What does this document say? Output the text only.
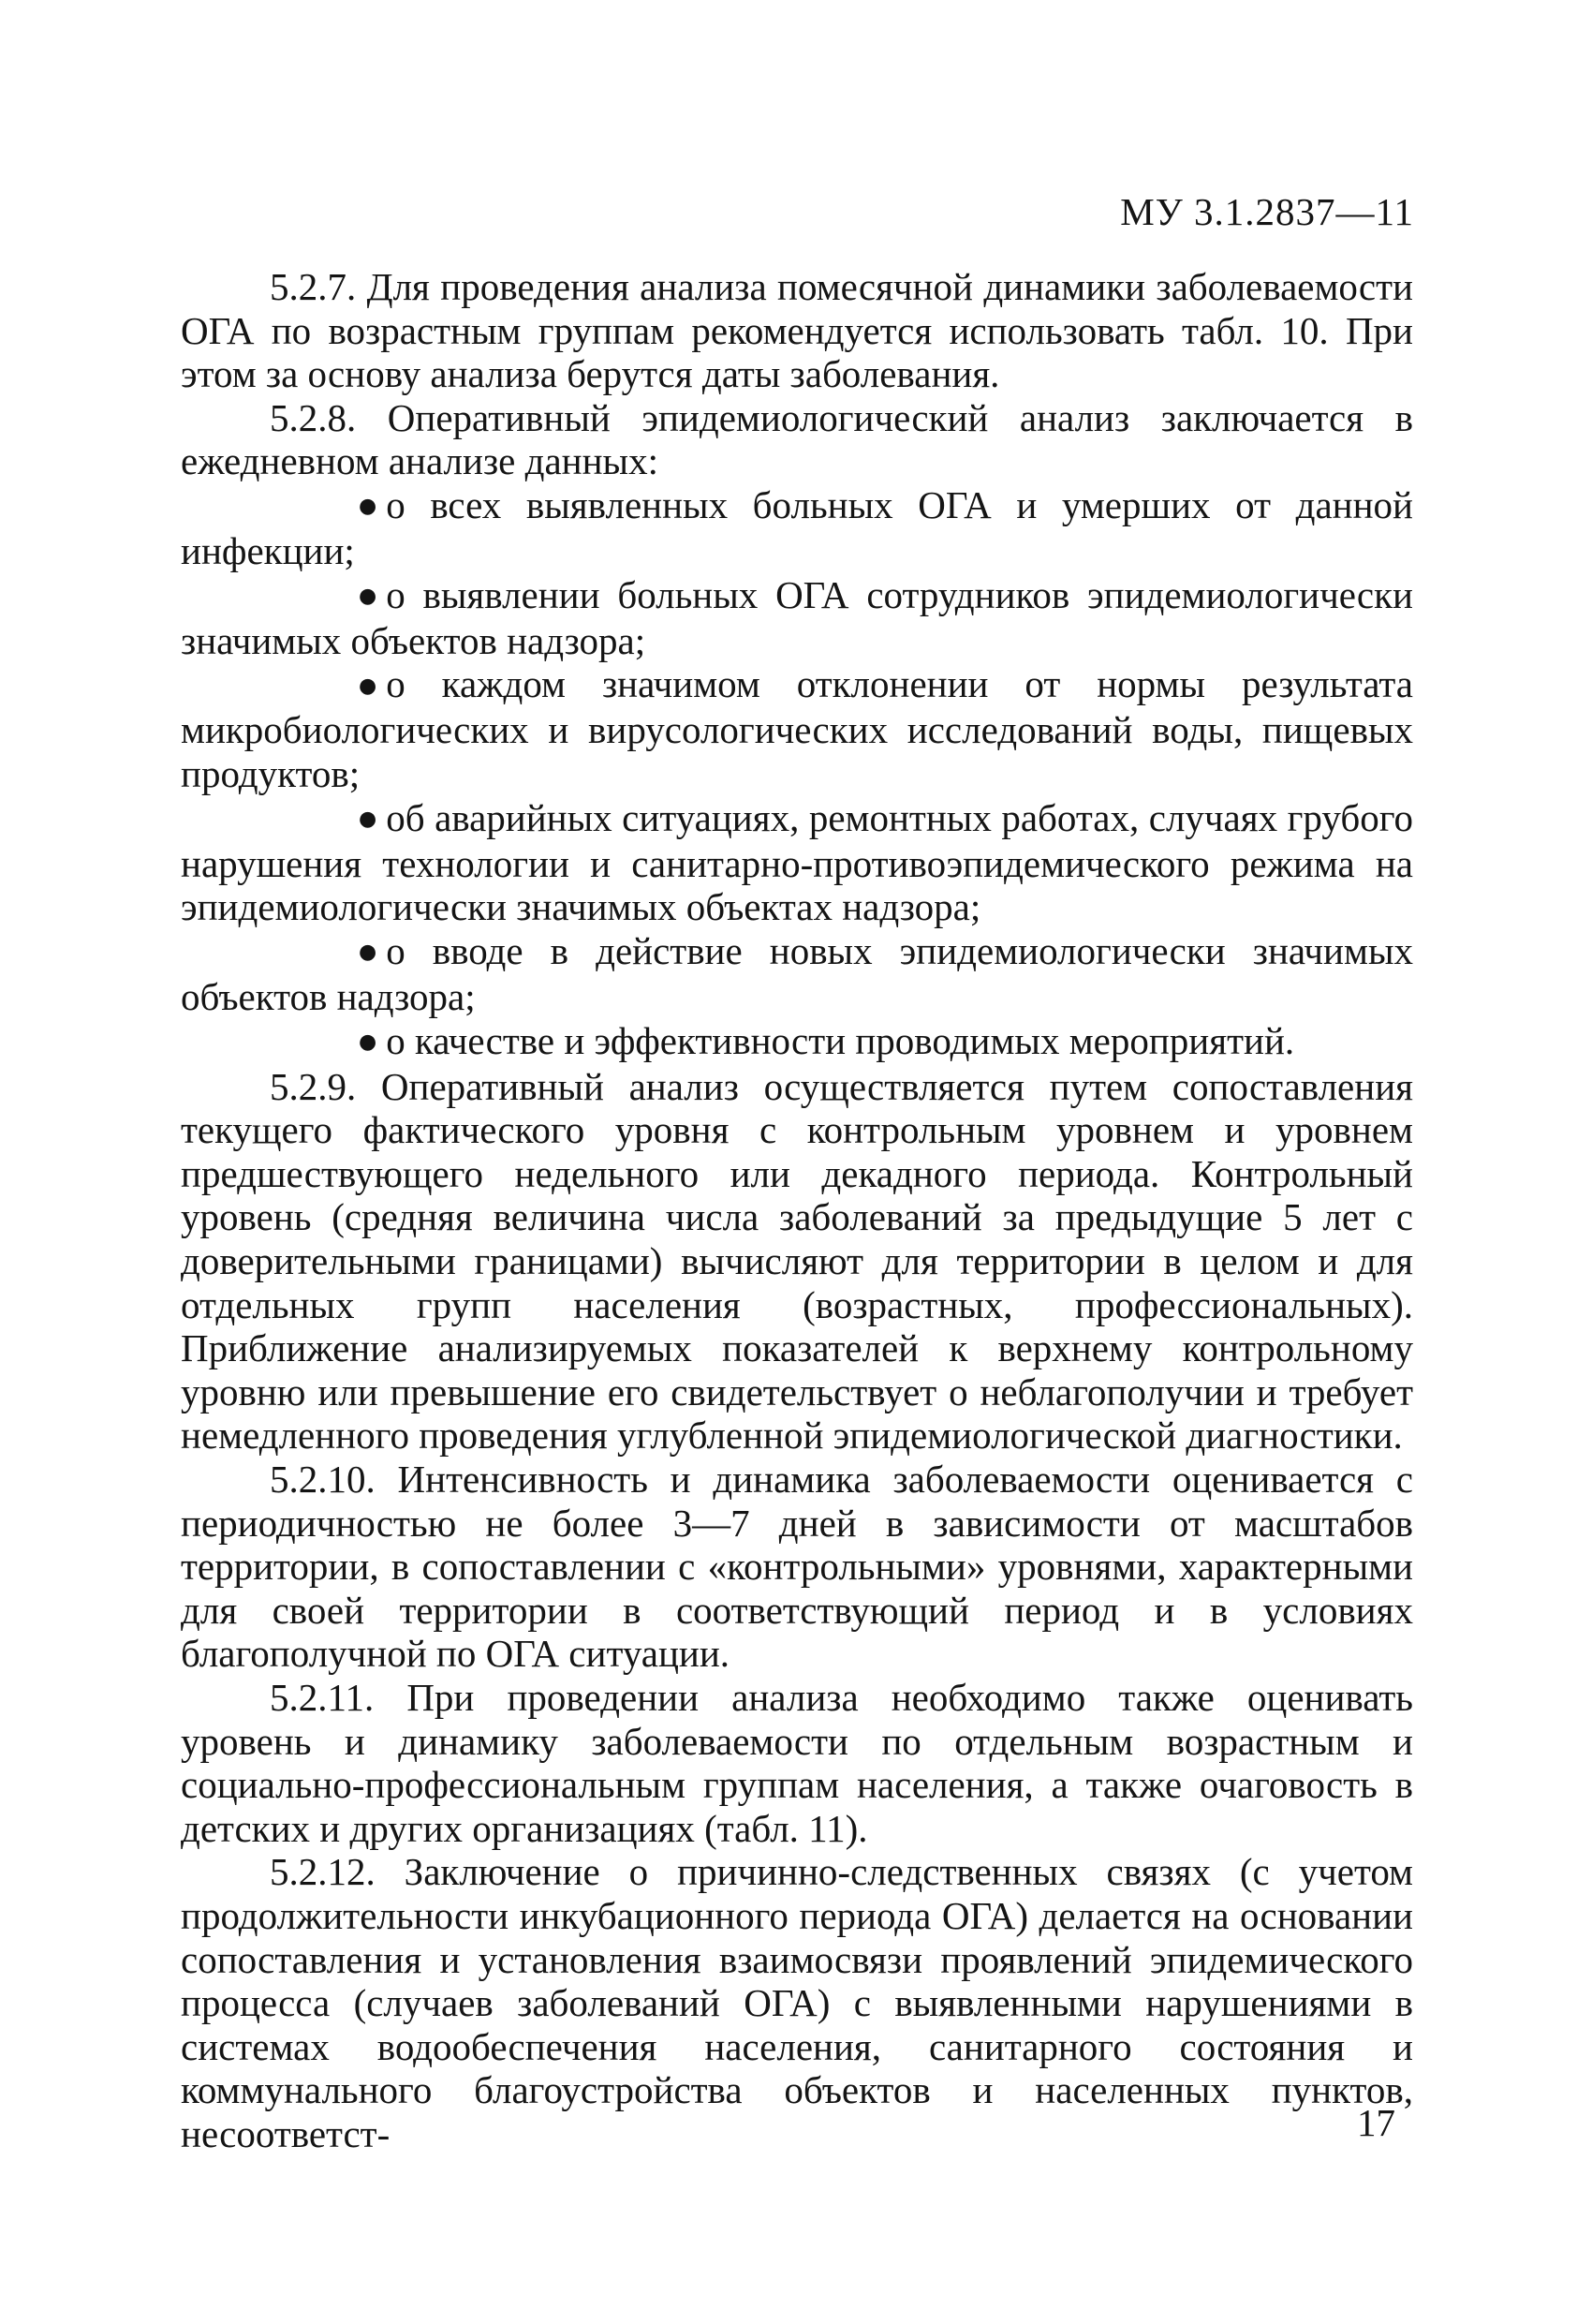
МУ 3.1.2837—11

5.2.7. Для проведения анализа помесячной динамики заболеваемости ОГА по возрастным группам рекомендуется использовать табл. 10. При этом за основу анализа берутся даты заболевания.

5.2.8. Оперативный эпидемиологический анализ заключается в ежедневном анализе данных:

● о всех выявленных больных ОГА и умерших от данной инфекции;

● о выявлении больных ОГА сотрудников эпидемиологически значимых объектов надзора;

● о каждом значимом отклонении от нормы результата микробиологических и вирусологических исследований воды, пищевых продуктов;

● об аварийных ситуациях, ремонтных работах, случаях грубого нарушения технологии и санитарно-противоэпидемического режима на эпидемиологически значимых объектах надзора;

● о вводе в действие новых эпидемиологически значимых объектов надзора;

● о качестве и эффективности проводимых мероприятий.

5.2.9. Оперативный анализ осуществляется путем сопоставления текущего фактического уровня с контрольным уровнем и уровнем предшествующего недельного или декадного периода. Контрольный уровень (средняя величина числа заболеваний за предыдущие 5 лет с доверительными границами) вычисляют для территории в целом и для отдельных групп населения (возрастных, профессиональных). Приближение анализируемых показателей к верхнему контрольному уровню или превышение его свидетельствует о неблагополучии и требует немедленного проведения углубленной эпидемиологической диагностики.

5.2.10. Интенсивность и динамика заболеваемости оценивается с периодичностью не более 3—7 дней в зависимости от масштабов территории, в сопоставлении с «контрольными» уровнями, характерными для своей территории в соответствующий период и в условиях благополучной по ОГА ситуации.

5.2.11. При проведении анализа необходимо также оценивать уровень и динамику заболеваемости по отдельным возрастным и социально-профессиональным группам населения, а также очаговость в детских и других организациях (табл. 11).

5.2.12. Заключение о причинно-следственных связях (с учетом продолжительности инкубационного периода ОГА) делается на основании сопоставления и установления взаимосвязи проявлений эпидемического процесса (случаев заболеваний ОГА) с выявленными нарушениями в системах водообеспечения населения, санитарного состояния и коммунального благоустройства объектов и населенных пунктов, несоответст-	17
